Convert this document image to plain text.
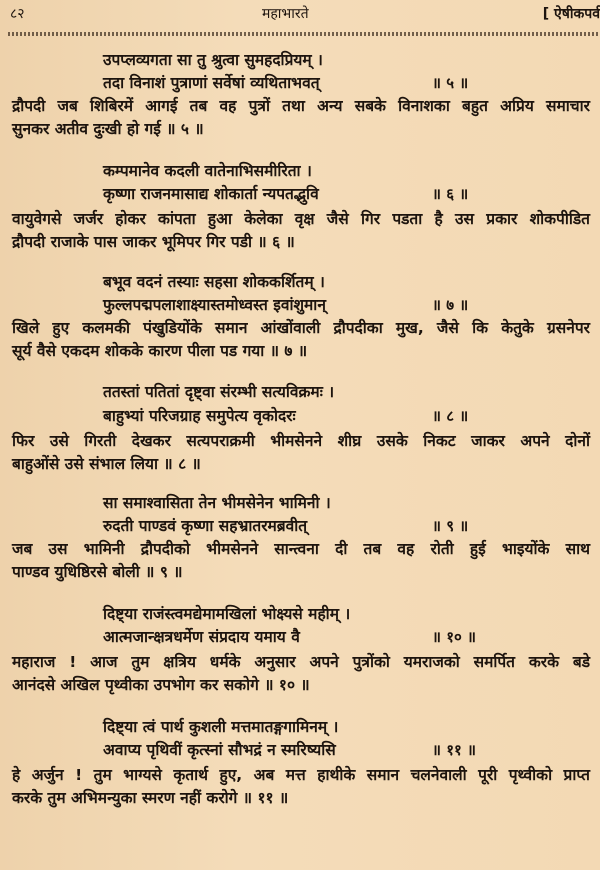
८२	महाभारते	[ ऐषीकपर्व
उपप्लव्यगता सा तु श्रुत्वा सुमहदप्रियम् ।
तदा विनाशं पुत्राणां सर्वेषां व्यथिताभवत्	॥ ५ ॥
द्रौपदी जब शिबिरमें आगई तब वह पुत्रों तथा अन्य सबके विनाशका बहुत अप्रिय समाचार
सुनकर अतीव दुःखी हो गई ॥ ५ ॥
कम्पमानेव कदली वातेनाभिसमीरिता ।
कृष्णा राजनमासाद्य शोकार्ता न्यपतद्भुवि	॥ ६ ॥
वायुवेगसे जर्जर होकर कांपता हुआ केलेका वृक्ष जैसे गिर पडता है उस प्रकार शोकपीडित
द्रौपदी राजाके पास जाकर भूमिपर गिर पडी ॥ ६ ॥
बभूव वदनं तस्याः सहसा शोककर्शितम् ।
फुल्लपद्मपलाशाक्ष्यास्तमोध्वस्त इवांशुमान्	॥ ७ ॥
खिले हुए कलमकी पंखुडियोंके समान आंखोंवाली द्रौपदीका मुख, जैसे कि केतुके ग्रसनेपर
सूर्य वैसे एकदम शोकके कारण पीला पड गया ॥ ७ ॥
ततस्तां पतितां दृष्ट्वा संरम्भी सत्यविक्रमः ।
बाहुभ्यां परिजग्राह समुपेत्य वृकोदरः	॥ ८ ॥
फिर उसे गिरती देखकर सत्यपराक्रमी भीमसेनने शीघ्र उसके निकट जाकर अपने दोनों
बाहुओंसे उसे संभाल लिया ॥ ८ ॥
सा समाश्वासिता तेन भीमसेनेन भामिनी ।
रुदती पाण्डवं कृष्णा सहभ्रातरमब्रवीत्	॥ ९ ॥
जब उस भामिनी द्रौपदीको भीमसेनने सान्त्वना दी तब वह रोती हुई भाइयोंके साथ
पाण्डव युधिष्ठिरसे बोली ॥ ९ ॥
दिष्ट्या राजंस्त्वमद्येमामखिलां भोक्ष्यसे महीम् ।
आत्मजान्क्षत्रधर्मेण संप्रदाय यमाय वै	॥ १० ॥
महाराज ! आज तुम क्षत्रिय धर्मके अनुसार अपने पुत्रोंको यमराजको समर्पित करके बडे
आनंदसे अखिल पृथ्वीका उपभोग कर सकोगे ॥ १० ॥
दिष्ट्या त्वं पार्थ कुशली मत्तमातङ्गगामिनम् ।
अवाप्य पृथिवीं कृत्स्नां सौभद्रं न स्मरिष्यसि	॥ ११ ॥
हे अर्जुन ! तुम भाग्यसे कृतार्थ हुए, अब मत्त हाथीके समान चलनेवाली पूरी पृथ्वीको प्राप्त
करके तुम अभिमन्युका स्मरण नहीं करोगे ॥ ११ ॥
